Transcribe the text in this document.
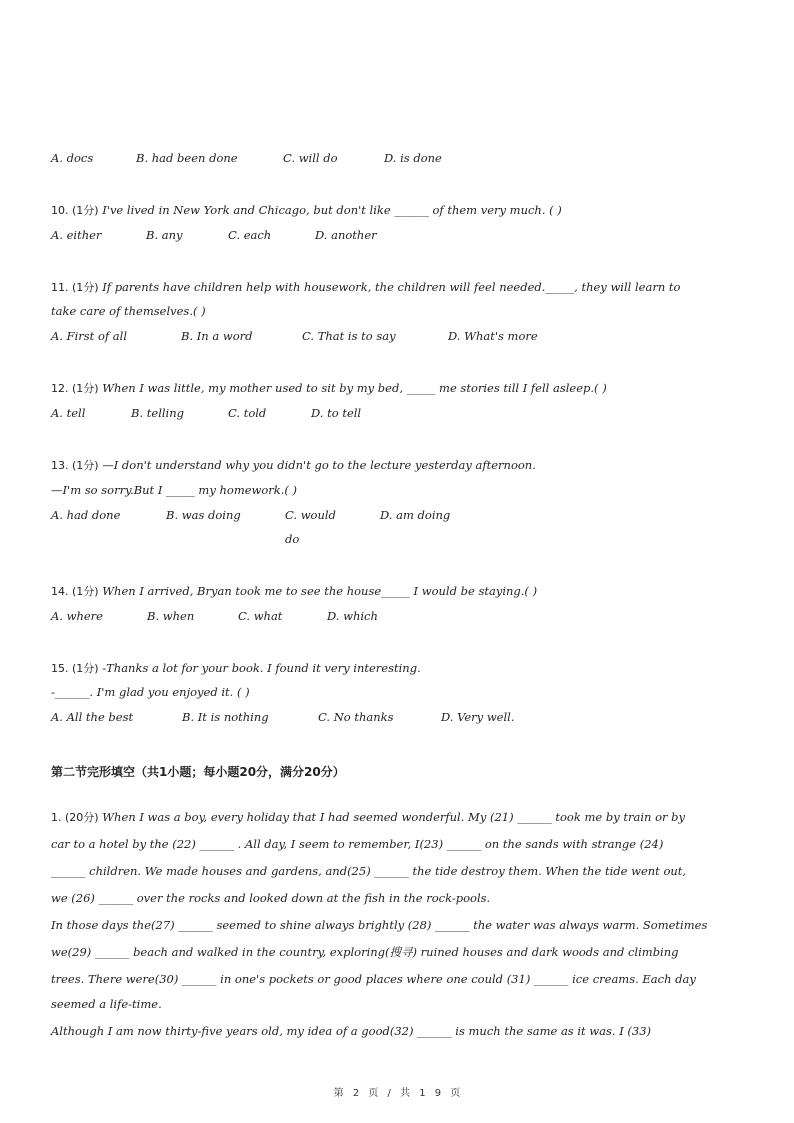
A. docs	B. had been done	C. will do	D. is done
10. (1分) I've lived in New York and Chicago, but don't like ______ of them very much. ( )
A. either	B. any	C. each	D. another
11. (1分) If parents have children help with housework, the children will feel needed._____, they will learn to
take care of themselves.( )
A. First of all	B. In a word	C. That is to say	D. What's more
12. (1分) When I was little, my mother used to sit by my bed, _____ me stories till I fell asleep.( )
A. tell	B. telling	C. told	D. to tell
13. (1分) —I don't understand why you didn't go to the lecture yesterday afternoon.
—I'm so sorry.But I _____ my homework.( )
A. had done	B. was doing	C. would
do
D. am doing
14. (1分) When I arrived, Bryan took me to see the house_____ I would be staying.( )
A. where	B. when	C. what	D. which
15. (1分) -Thanks a lot for your book. I found it very interesting.
-______. I'm glad you enjoyed it. ( )
A. All the best	B. It is nothing	C. No thanks	D. Very well.
第二节完形填空（共1小题；每小题20分，满分20分）
1. (20分) When I was a boy, every holiday that I had seemed wonderful. My (21) ______ took me by train or by
car to a hotel by the (22) ______ . All day, I seem to remember, I(23) ______ on the sands with strange (24)
______ children. We made houses and gardens, and(25) ______ the tide destroy them. When the tide went out,
we (26) ______ over the rocks and looked down at the fish in the rock-pools.
In those days the(27) ______ seemed to shine always brightly (28) ______ the water was always warm. Sometimes
we(29) ______ beach and walked in the country, exploring(搜寻) ruined houses and dark woods and climbing
trees. There were(30) ______ in one's pockets or good places where one could (31) ______ ice creams. Each day
seemed a life-time.
Although I am now thirty-five years old, my idea of a good(32) ______ is much the same as it was. I (33)
第 2 页 / 共 1 9 页
